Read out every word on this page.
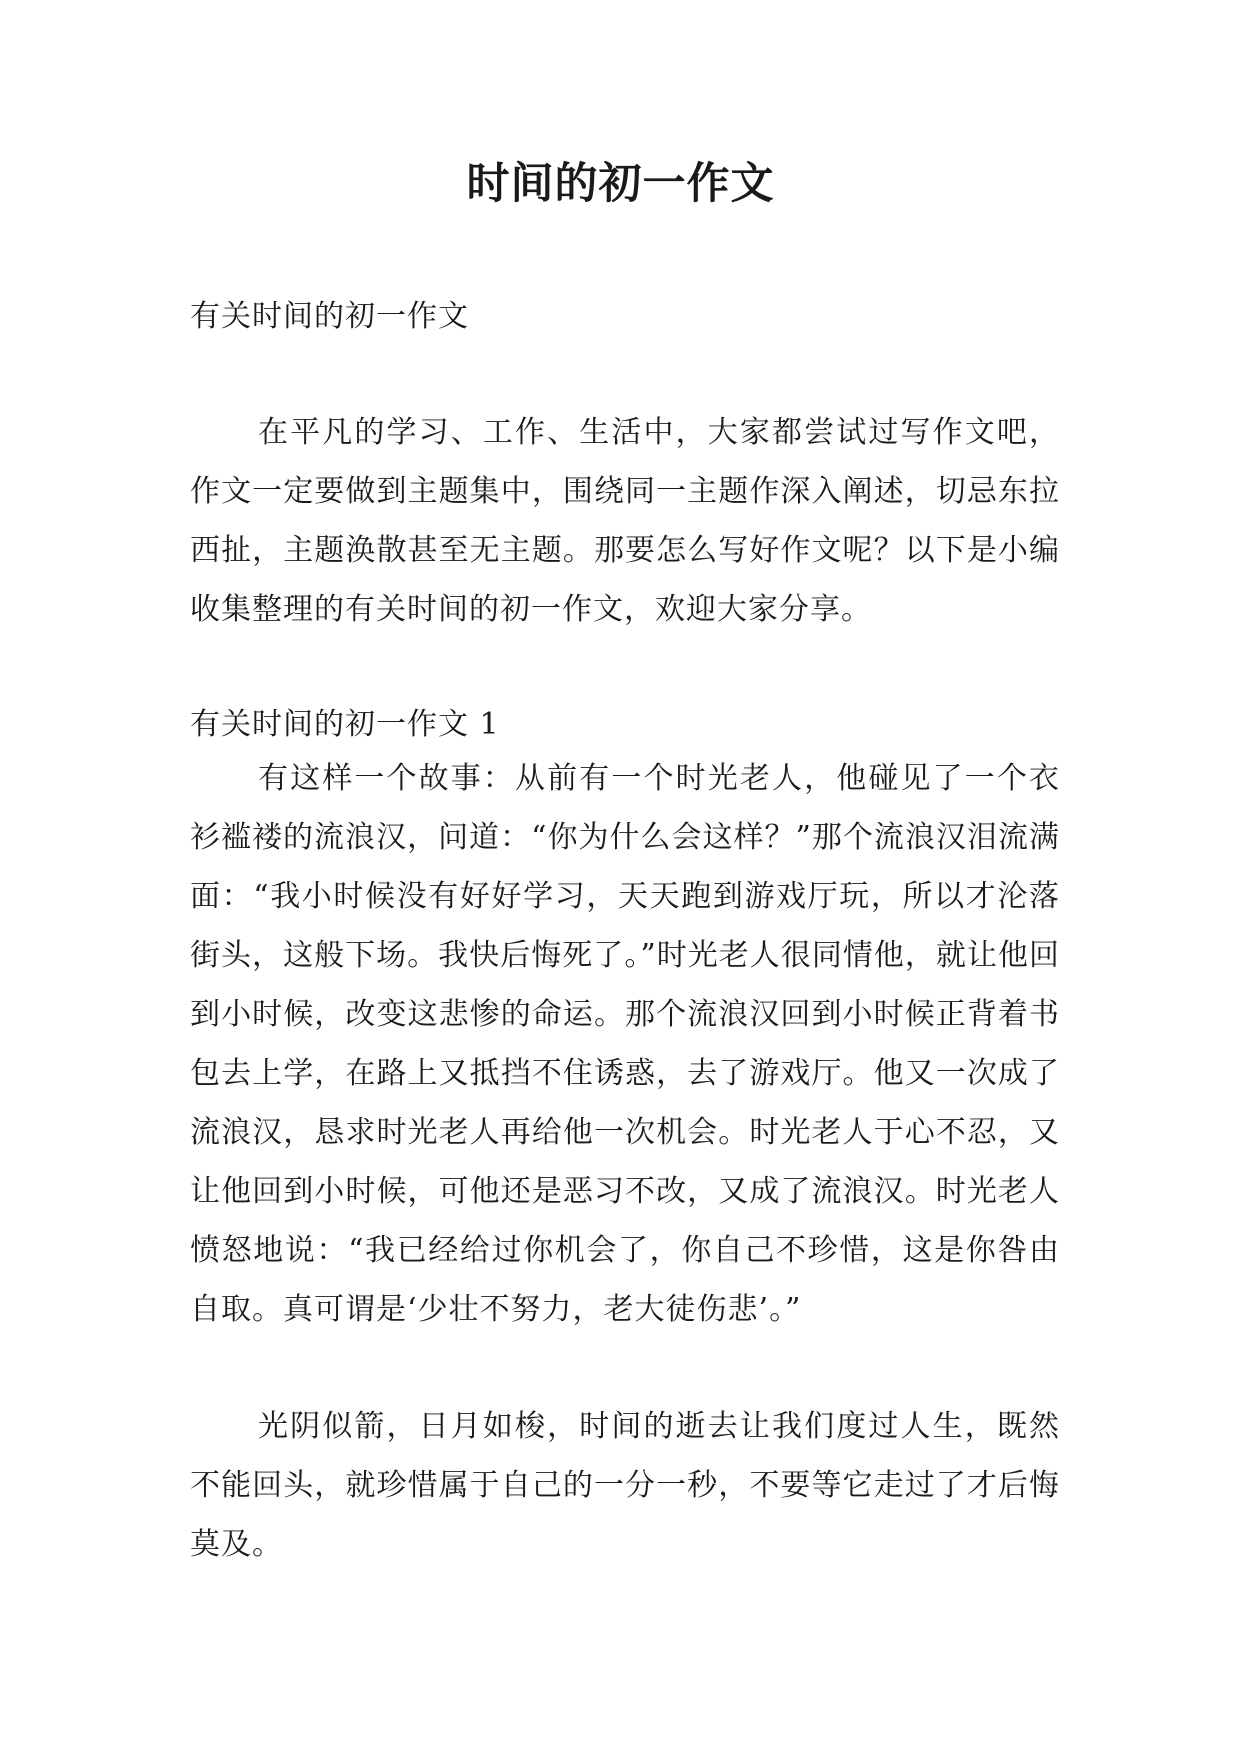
时间的初一作文

有关时间的初一作文

在平凡的学习、工作、生活中，大家都尝试过写作文吧，作文一定要做到主题集中，围绕同一主题作深入阐述，切忌东拉西扯，主题涣散甚至无主题。那要怎么写好作文呢？以下是小编收集整理的有关时间的初一作文，欢迎大家分享。

有关时间的初一作文 1

有这样一个故事：从前有一个时光老人，他碰见了一个衣衫褴褛的流浪汉，问道：“你为什么会这样？”那个流浪汉泪流满面：“我小时候没有好好学习，天天跑到游戏厅玩，所以才沦落街头，这般下场。我快后悔死了。”时光老人很同情他，就让他回到小时候，改变这悲惨的命运。那个流浪汉回到小时候正背着书包去上学，在路上又抵挡不住诱惑，去了游戏厅。他又一次成了流浪汉，恳求时光老人再给他一次机会。时光老人于心不忍，又让他回到小时候，可他还是恶习不改，又成了流浪汉。时光老人愤怒地说：“我已经给过你机会了，你自己不珍惜，这是你咎由自取。真可谓是‘少壮不努力，老大徒伤悲’。”

光阴似箭，日月如梭，时间的逝去让我们度过人生，既然不能回头，就珍惜属于自己的一分一秒，不要等它走过了才后悔莫及。
